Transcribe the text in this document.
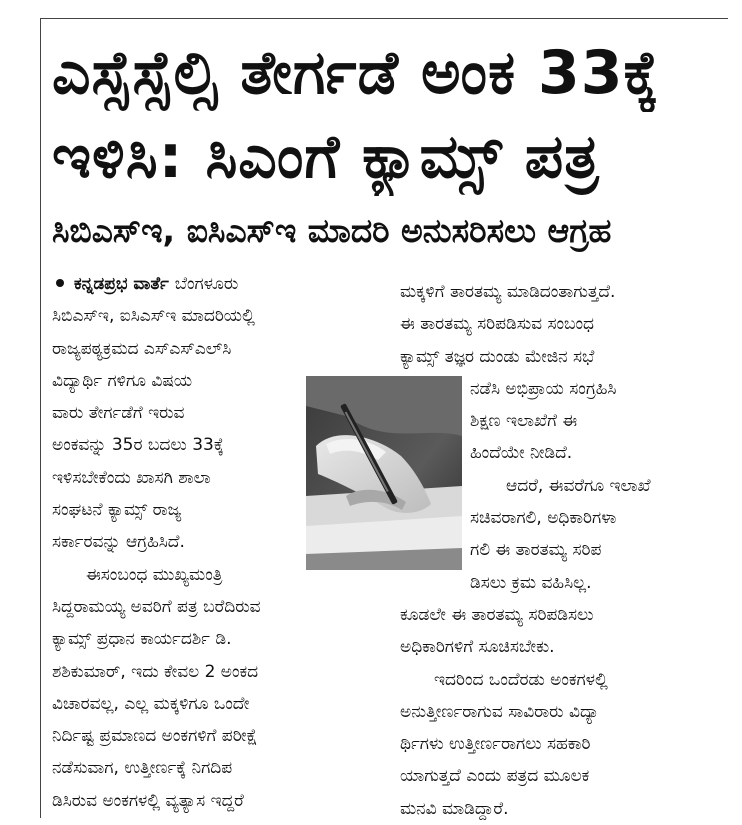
ಎಸ್ಸೆಸ್ಸೆಲ್ಸಿ ತೇರ್ಗಡೆ ಅಂಕ 33ಕ್ಕೆ
ಇಳಿಸಿ: ಸಿಎಂಗೆ ಕ್ಯಾಮ್ಸ್ ಪತ್ರ
ಸಿಬಿಎಸ್‌ಇ, ಐಸಿಎಸ್‌ಇ ಮಾದರಿ ಅನುಸರಿಸಲು ಆಗ್ರಹ
ಕನ್ನಡಪ್ರಭ ವಾರ್ತೆ ಬೆಂಗಳೂರು
ಸಿಬಿಎಸ್‌ಇ, ಐಸಿಎಸ್‌ಇ ಮಾದರಿಯಲ್ಲಿ
ರಾಜ್ಯಪಠ್ಯಕ್ರಮದ ಎಸ್‌ಎಸ್‌ಎಲ್‌ಸಿ
ವಿದ್ಯಾರ್ಥಿ ಗಳಿಗೂ ವಿಷಯ
ವಾರು ತೇರ್ಗಡೆಗೆ ಇರುವ
ಅಂಕವನ್ನು 35ರ ಬದಲು 33ಕ್ಕೆ
ಇಳಿಸಬೇಕೆಂದು ಖಾಸಗಿ ಶಾಲಾ
ಸಂಘಟನೆ ಕ್ಯಾಮ್ಸ್ ರಾಜ್ಯ
ಸರ್ಕಾರವನ್ನು ಆಗ್ರಹಿಸಿದೆ.
ಈಸಂಬಂಧ ಮುಖ್ಯಮಂತ್ರಿ
ಸಿದ್ದರಾಮಯ್ಯ ಅವರಿಗೆ ಪತ್ರ ಬರೆದಿರುವ
ಕ್ಯಾಮ್ಸ್ ಪ್ರಧಾನ ಕಾರ್ಯದರ್ಶಿ ಡಿ.
ಶಶಿಕುಮಾರ್, ಇದು ಕೇವಲ 2 ಅಂಕದ
ವಿಚಾರವಲ್ಲ, ಎಲ್ಲ ಮಕ್ಕಳಿಗೂ ಒಂದೇ
ನಿರ್ದಿಷ್ಟ ಪ್ರಮಾಣದ ಅಂಕಗಳಿಗೆ ಪರೀಕ್ಷೆ
ನಡೆಸುವಾಗ, ಉತ್ತೀರ್ಣಕ್ಕೆ ನಿಗದಿಪ
ಡಿಸಿರುವ ಅಂಕಗಳಲ್ಲಿ ವ್ಯತ್ಯಾಸ ಇದ್ದರೆ
ಮಕ್ಕಳಿಗೆ ತಾರತಮ್ಯ ಮಾಡಿದಂತಾಗುತ್ತದೆ.
ಈ ತಾರತಮ್ಯ ಸರಿಪಡಿಸುವ ಸಂಬಂಧ
ಕ್ಯಾಮ್ಸ್ ತಜ್ಞರ ದುಂಡು ಮೇಜಿನ ಸಭೆ
ನಡೆಸಿ ಅಭಿಪ್ರಾಯ ಸಂಗ್ರಹಿಸಿ
ಶಿಕ್ಷಣ ಇಲಾಖೆಗೆ ಈ
ಹಿಂದೆಯೇ ನೀಡಿದೆ.
ಆದರೆ, ಈವರೆಗೂ ಇಲಾಖೆ
ಸಚಿವರಾಗಲಿ, ಅಧಿಕಾರಿಗಳಾ
ಗಲಿ ಈ ತಾರತಮ್ಯ ಸರಿಪ
ಡಿಸಲು ಕ್ರಮ ವಹಿಸಿಲ್ಲ.
ಕೂಡಲೇ ಈ ತಾರತಮ್ಯ ಸರಿಪಡಿಸಲು
ಅಧಿಕಾರಿಗಳಿಗೆ ಸೂಚಿಸಬೇಕು.
ಇದರಿಂದ ಒಂದೆರಡು ಅಂಕಗಳಲ್ಲಿ
ಅನುತ್ತೀರ್ಣರಾಗುವ ಸಾವಿರಾರು ವಿದ್ಯಾ
ರ್ಥಿಗಳು ಉತ್ತೀರ್ಣರಾಗಲು ಸಹಕಾರಿ
ಯಾಗುತ್ತದೆ ಎಂದು ಪತ್ರದ ಮೂಲಕ
ಮನವಿ ಮಾಡಿದ್ದಾರೆ.
